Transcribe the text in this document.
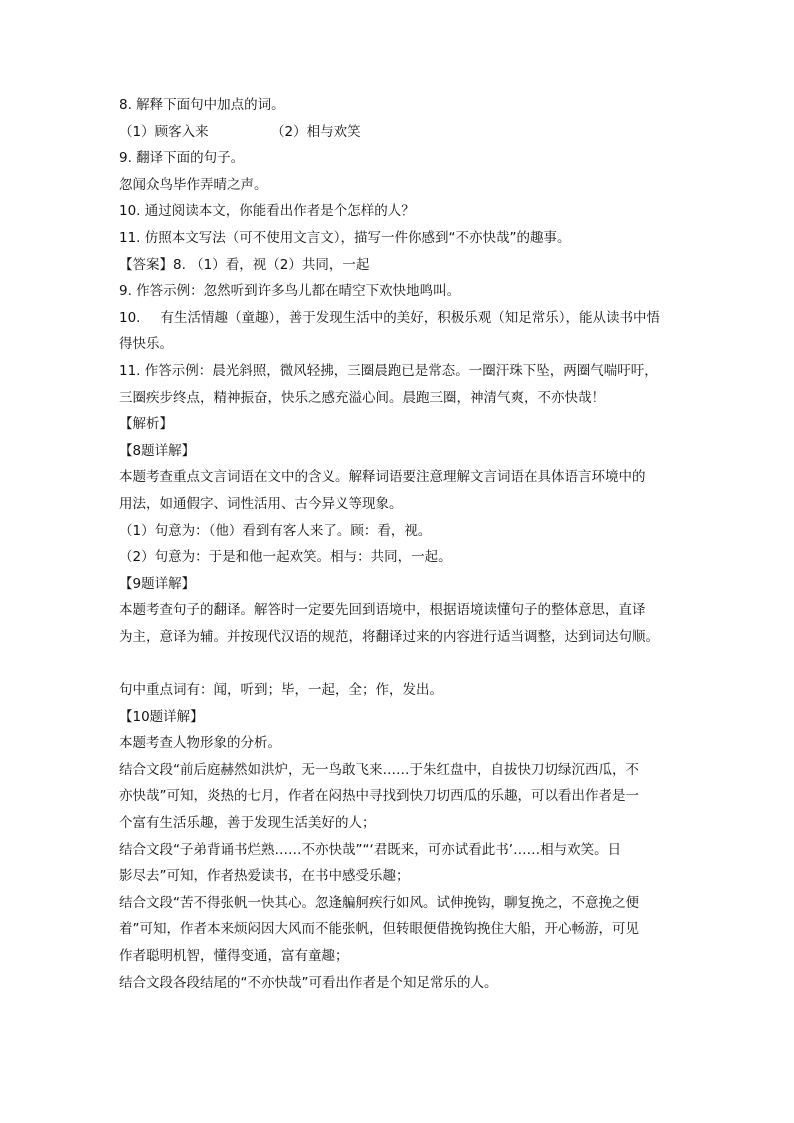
8. 解释下面句中加点的词。
（1）顾客入来	（2）相与欢笑
9. 翻译下面的句子。
忽闻众鸟毕作弄晴之声。
10. 通过阅读本文，你能看出作者是个怎样的人？
11. 仿照本文写法（可不使用文言文），描写一件你感到“不亦快哉”的趣事。
【答案】8. （1）看，视（2）共同，一起
9. 作答示例：忽然听到许多鸟儿都在晴空下欢快地鸣叫。
10. 有生活情趣（童趣），善于发现生活中的美好，积极乐观（知足常乐），能从读书中悟
得快乐。
11. 作答示例：晨光斜照，微风轻拂，三圈晨跑已是常态。一圈汗珠下坠，两圈气喘吁吁，
三圈疾步终点，精神振奋，快乐之感充溢心间。晨跑三圈，神清气爽，不亦快哉！
【解析】
【8题详解】
本题考查重点文言词语在文中的含义。解释词语要注意理解文言词语在具体语言环境中的
用法，如通假字、词性活用、古今异义等现象。
（1）句意为：（他）看到有客人来了。顾：看，视。
（2）句意为：于是和他一起欢笑。相与：共同，一起。
【9题详解】
本题考查句子的翻译。解答时一定要先回到语境中，根据语境读懂句子的整体意思，直译
为主，意译为辅。并按现代汉语的规范，将翻译过来的内容进行适当调整，达到词达句顺。
句中重点词有：闻，听到；毕，一起，全；作，发出。
【10题详解】
本题考查人物形象的分析。
结合文段“前后庭赫然如洪炉，无一鸟敢飞来……于朱红盘中，自拔快刀切绿沉西瓜，不
亦快哉”可知，炎热的七月，作者在闷热中寻找到快刀切西瓜的乐趣，可以看出作者是一
个富有生活乐趣，善于发现生活美好的人；
结合文段“子弟背诵书烂熟……不亦快哉”“‘君既来，可亦试看此书’……相与欢笑。日
影尽去”可知，作者热爱读书，在书中感受乐趣；
结合文段“苦不得张帆一快其心。忽逢艑舸疾行如风。试伸挽钩，聊复挽之，不意挽之便
着”可知，作者本来烦闷因大风而不能张帆，但转眼便借挽钩挽住大船，开心畅游，可见
作者聪明机智，懂得变通，富有童趣；
结合文段各段结尾的“不亦快哉”可看出作者是个知足常乐的人。
